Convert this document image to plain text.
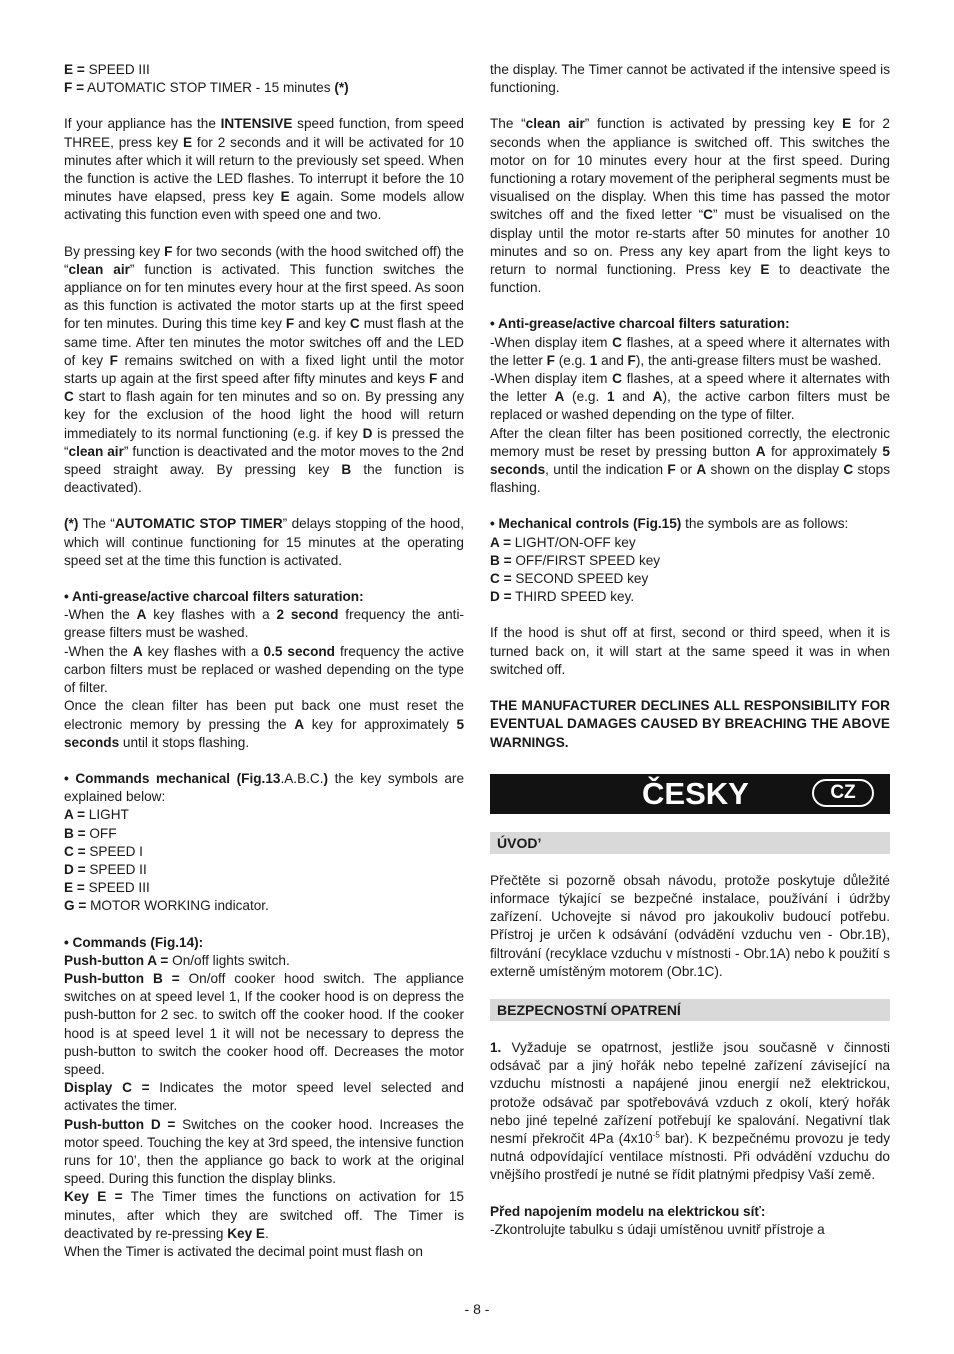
E = SPEED III

F = AUTOMATIC STOP TIMER - 15 minutes (*)

If your appliance has the INTENSIVE speed function, from speed THREE, press key E for 2 seconds and it will be activated for 10 minutes after which it will return to the previously set speed. When the function is active the LED flashes. To interrupt it before the 10 minutes have elapsed, press key E again. Some models allow activating this function even with speed one and two.

By pressing key F for two seconds (with the hood switched off) the “clean air” function is activated. This function switches the appliance on for ten minutes every hour at the first speed. As soon as this function is activated the motor starts up at the first speed for ten minutes. During this time key F and key C must flash at the same time. After ten minutes the motor switches off and the LED of key F remains switched on with a fixed light until the motor starts up again at the first speed after fifty minutes and keys F and C start to flash again for ten minutes and so on. By pressing any key for the exclusion of the hood light the hood will return immediately to its normal functioning (e.g. if key D is pressed the “clean air” function is deactivated and the motor moves to the 2nd speed straight away. By pressing key B the function is deactivated).

(*) The “AUTOMATIC STOP TIMER” delays stopping of the hood, which will continue functioning for 15 minutes at the operating speed set at the time this function is activated.

• Anti-grease/active charcoal filters saturation:

-When the A key flashes with a 2 second frequency the anti-grease filters must be washed.

-When the A key flashes with a 0.5 second frequency the active carbon filters must be replaced or washed depending on the type of filter.

Once the clean filter has been put back one must reset the electronic memory by pressing the A key for approximately 5 seconds until it stops flashing.

• Commands mechanical (Fig.13.A.B.C.) the key symbols are explained below:

A = LIGHT

B = OFF

C = SPEED I

D = SPEED II

E = SPEED III

G = MOTOR WORKING indicator.

• Commands (Fig.14):

Push-button A = On/off lights switch.

Push-button B = On/off cooker hood switch. The appliance switches on at speed level 1, If the cooker hood is on depress the push-button for 2 sec. to switch off the cooker hood. If the cooker hood is at speed level 1 it will not be necessary to depress the push-button to switch the cooker hood off. Decreases the motor speed.

Display C = Indicates the motor speed level selected and activates the timer.

Push-button D = Switches on the cooker hood. Increases the motor speed. Touching the key at 3rd speed, the intensive function runs for 10’, then the appliance go back to work at the original speed. During this function the display blinks.

Key E = The Timer times the functions on activation for 15 minutes, after which they are switched off. The Timer is deactivated by re-pressing Key E.

When the Timer is activated the decimal point must flash on

the display. The Timer cannot be activated if the intensive speed is functioning.

The “clean air” function is activated by pressing key E for 2 seconds when the appliance is switched off. This switches the motor on for 10 minutes every hour at the first speed. During functioning a rotary movement of the peripheral segments must be visualised on the display. When this time has passed the motor switches off and the fixed letter “C” must be visualised on the display until the motor re-starts after 50 minutes for another 10 minutes and so on. Press any key apart from the light keys to return to normal functioning. Press key E to deactivate the function.

• Anti-grease/active charcoal filters saturation:

-When display item C flashes, at a speed where it alternates with the letter F (e.g. 1 and F), the anti-grease filters must be washed.

-When display item C flashes, at a speed where it alternates with the letter A (e.g. 1 and A), the active carbon filters must be replaced or washed depending on the type of filter.

After the clean filter has been positioned correctly, the electronic memory must be reset by pressing button A for approximately 5 seconds, until the indication F or A shown on the display C stops flashing.

• Mechanical controls (Fig.15) the symbols are as follows:

A = LIGHT/ON-OFF key

B = OFF/FIRST SPEED key

C = SECOND SPEED key

D = THIRD SPEED key.

If the hood is shut off at first, second or third speed, when it is turned back on, it will start at the same speed it was in when switched off.

THE MANUFACTURER DECLINES ALL RESPONSIBILITY FOR EVENTUAL DAMAGES CAUSED BY BREACHING THE ABOVE WARNINGS.

ČESKY	CZ
ÚVOD’

Přečtěte si pozorně obsah návodu, protože poskytuje důležité informace týkající se bezpečné instalace, používání i údržby zařízení. Uchovejte si návod pro jakoukoliv budoucí potřebu. Přístroj je určen k odsávání (odvádění vzduchu ven - Obr.1B), filtrování (recyklace vzduchu v místnosti - Obr.1A) nebo k použití s externě umístěným motorem (Obr.1C).

BEZPECNOSTNÍ OPATRENÍ

1. Vyžaduje se opatrnost, jestliže jsou současně v činnosti odsávač par a jiný hořák nebo tepelné zařízení závisející na vzduchu místnosti a napájené jinou energií než elektrickou, protože odsávač par spotřebovává vzduch z okolí, který hořák nebo jiné tepelné zařízení potřebují ke spalování. Negativní tlak nesmí překročit 4Pa ($4x10^{-5}$ bar). K bezpečnému provozu je tedy nutná odpovídající ventilace místnosti. Při odvádění vzduchu do vnějšího prostředí je nutné se řídit platnými předpisy Vaší země.

Před napojením modelu na elektrickou síť:

-Zkontrolujte tabulku s údaji umístěnou uvnitř přístroje a

- 8 -
